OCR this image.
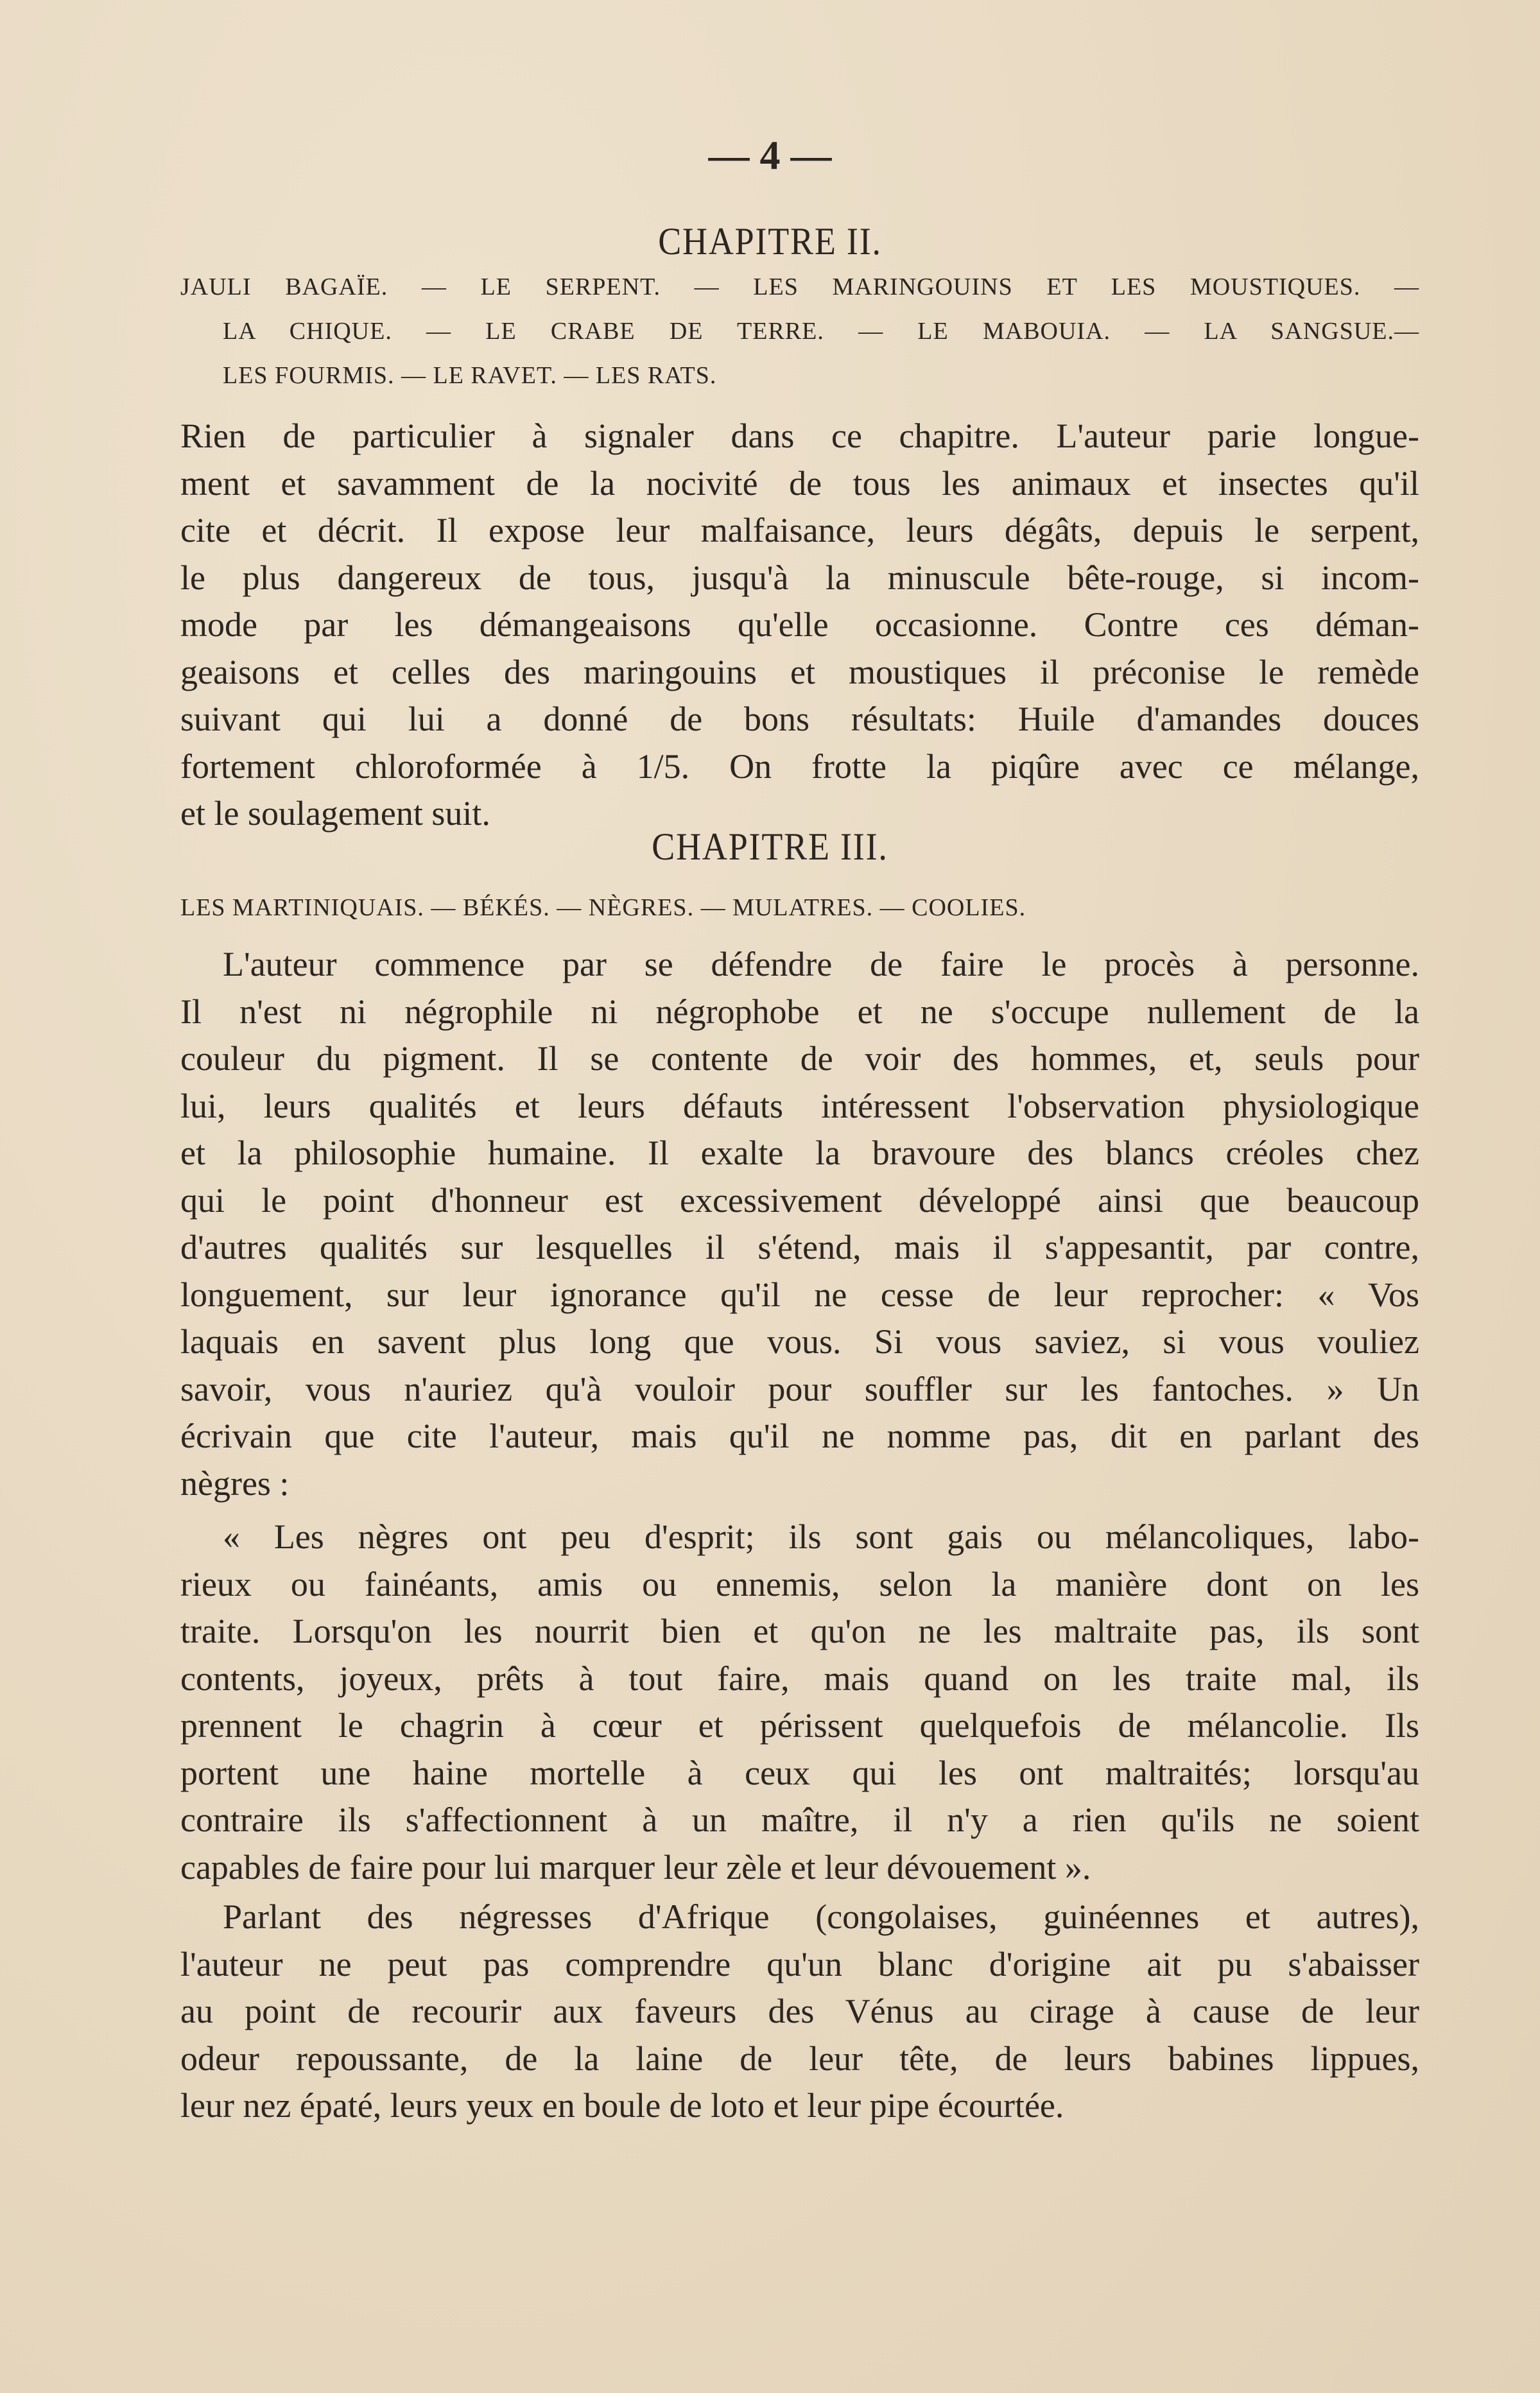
— 4 —
CHAPITRE II.
JAULI BAGAÏE. — LE SERPENT. — LES MARINGOUINS ET LES MOUSTIQUES. —
LA CHIQUE. — LE CRABE DE TERRE. — LE MABOUIA. — LA SANGSUE.—
LES FOURMIS. — LE RAVET. — LES RATS.
Rien de particulier à signaler dans ce chapitre. L'auteur parie longue-
ment et savamment de la nocivité de tous les animaux et insectes qu'il
cite et décrit. Il expose leur malfaisance, leurs dégâts, depuis le serpent,
le plus dangereux de tous, jusqu'à la minuscule bête-rouge, si incom-
mode par les démangeaisons qu'elle occasionne. Contre ces déman-
geaisons et celles des maringouins et moustiques il préconise le remède
suivant qui lui a donné de bons résultats: Huile d'amandes douces
fortement chloroformée à 1/5. On frotte la piqûre avec ce mélange,
et le soulagement suit.
CHAPITRE III.
LES MARTINIQUAIS. — BÉKÉS. — NÈGRES. — MULATRES. — COOLIES.
L'auteur commence par se défendre de faire le procès à personne.
Il n'est ni négrophile ni négrophobe et ne s'occupe nullement de la
couleur du pigment. Il se contente de voir des hommes, et, seuls pour
lui, leurs qualités et leurs défauts intéressent l'observation physiologique
et la philosophie humaine. Il exalte la bravoure des blancs créoles chez
qui le point d'honneur est excessivement développé ainsi que beaucoup
d'autres qualités sur lesquelles il s'étend, mais il s'appesantit, par contre,
longuement, sur leur ignorance qu'il ne cesse de leur reprocher: « Vos
laquais en savent plus long que vous. Si vous saviez, si vous vouliez
savoir, vous n'auriez qu'à vouloir pour souffler sur les fantoches. » Un
écrivain que cite l'auteur, mais qu'il ne nomme pas, dit en parlant des
nègres :
« Les nègres ont peu d'esprit; ils sont gais ou mélancoliques, labo-
rieux ou fainéants, amis ou ennemis, selon la manière dont on les
traite. Lorsqu'on les nourrit bien et qu'on ne les maltraite pas, ils sont
contents, joyeux, prêts à tout faire, mais quand on les traite mal, ils
prennent le chagrin à cœur et périssent quelquefois de mélancolie. Ils
portent une haine mortelle à ceux qui les ont maltraités; lorsqu'au
contraire ils s'affectionnent à un maître, il n'y a rien qu'ils ne soient
capables de faire pour lui marquer leur zèle et leur dévouement ».
Parlant des négresses d'Afrique (congolaises, guinéennes et autres),
l'auteur ne peut pas comprendre qu'un blanc d'origine ait pu s'abaisser
au point de recourir aux faveurs des Vénus au cirage à cause de leur
odeur repoussante, de la laine de leur tête, de leurs babines lippues,
leur nez épaté, leurs yeux en boule de loto et leur pipe écourtée.
